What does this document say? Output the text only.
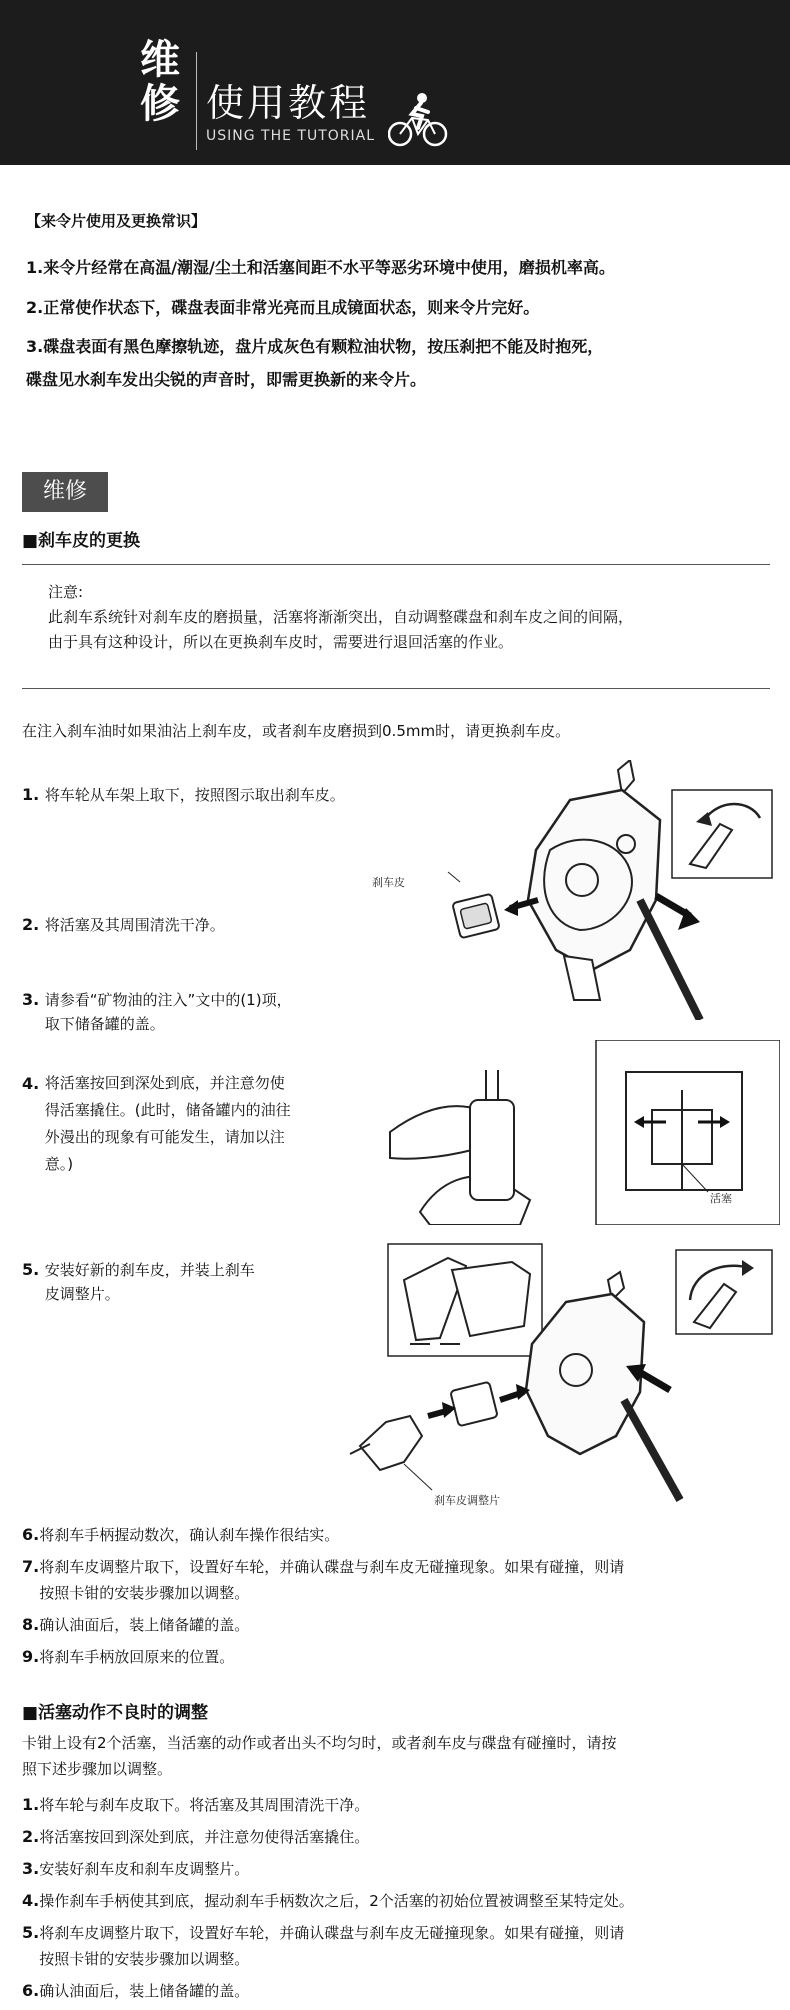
维
修 使用教程
USING THE TUTORIAL
【来令片使用及更换常识】
1.来令片经常在高温/潮湿/尘土和活塞间距不水平等恶劣环境中使用，磨损机率高。
2.正常使作状态下，碟盘表面非常光亮而且成镜面状态，则来令片完好。
3.碟盘表面有黑色摩擦轨迹，盘片成灰色有颗粒油状物，按压刹把不能及时抱死，
碟盘见水刹车发出尖锐的声音时，即需更换新的来令片。
维修
■刹车皮的更换
注意:
此刹车系统针对刹车皮的磨损量，活塞将渐渐突出，自动调整碟盘和刹车皮之间的间隔，
由于具有这种设计，所以在更换刹车皮时，需要进行退回活塞的作业。
在注入刹车油时如果油沾上刹车皮，或者刹车皮磨损到0.5mm时，请更换刹车皮。
1. 将车轮从车架上取下，按照图示取出刹车皮。
2. 将活塞及其周围清洗干净。
3. 请参看“矿物油的注入”文中的(1)项，
取下储备罐的盖。
4. 将活塞按回到深处到底，并注意勿使
得活塞撬住。(此时，储备罐内的油往
外漫出的现象有可能发生，请加以注
意。)
5. 安装好新的刹车皮，并装上刹车
皮调整片。
刹车皮
活塞
刹车皮调整片
6. 将刹车手柄握动数次，确认刹车操作很结实。
7. 将刹车皮调整片取下，设置好车轮，并确认碟盘与刹车皮无碰撞现象。如果有碰撞，则请
按照卡钳的安装步骤加以调整。
8. 确认油面后，装上储备罐的盖。
9. 将刹车手柄放回原来的位置。
■活塞动作不良时的调整
卡钳上设有2个活塞，当活塞的动作或者出头不均匀时，或者刹车皮与碟盘有碰撞时，请按
照下述步骤加以调整。
1. 将车轮与刹车皮取下。将活塞及其周围清洗干净。
2. 将活塞按回到深处到底，并注意勿使得活塞撬住。
3. 安装好刹车皮和刹车皮调整片。
4. 操作刹车手柄使其到底，握动刹车手柄数次之后，2个活塞的初始位置被调整至某特定处。
5. 将刹车皮调整片取下，设置好车轮，并确认碟盘与刹车皮无碰撞现象。如果有碰撞，则请
按照卡钳的安装步骤加以调整。
6. 确认油面后，装上储备罐的盖。
